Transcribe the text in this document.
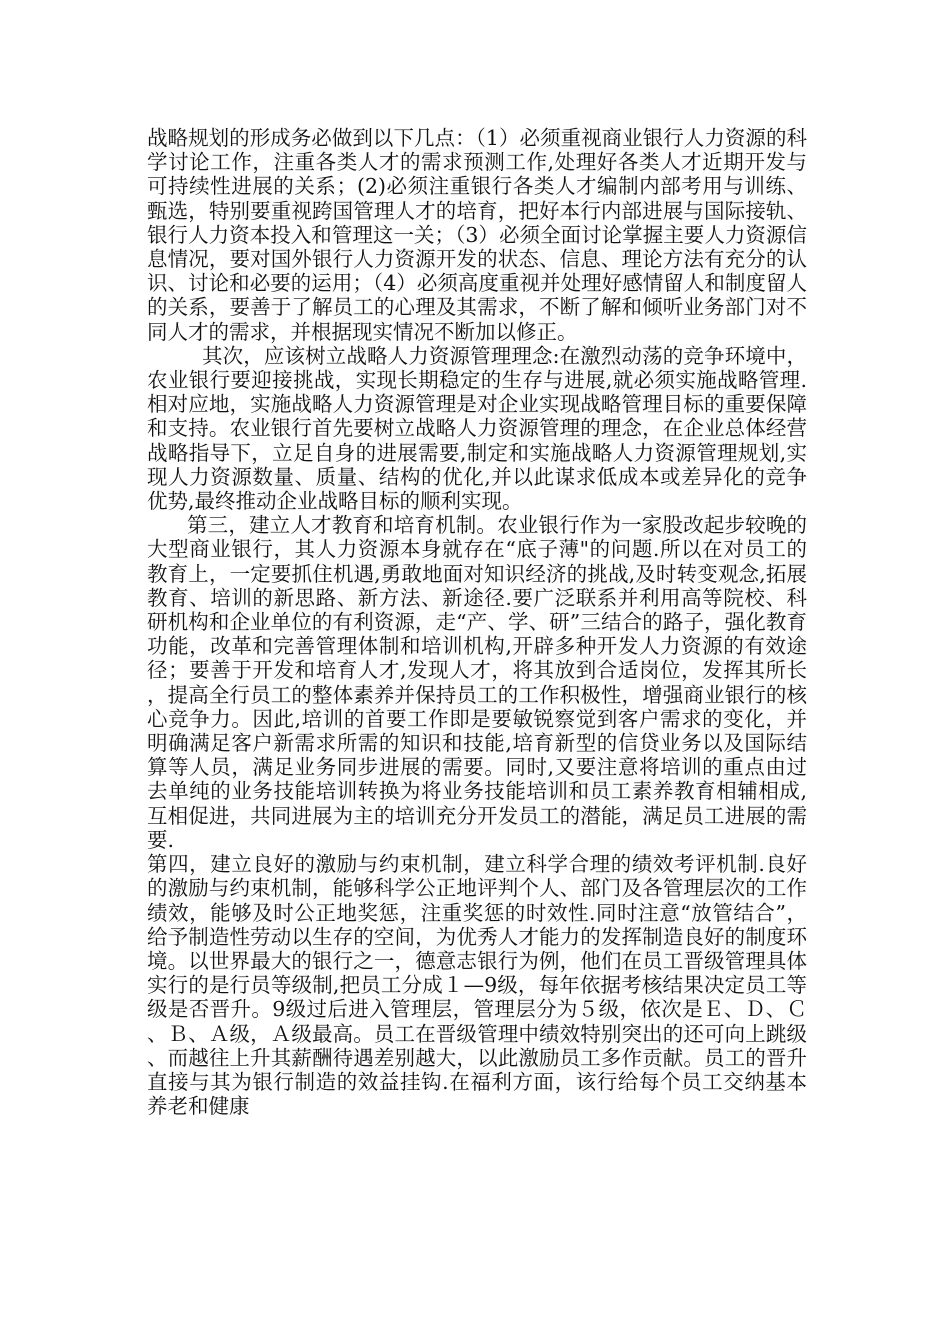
战略规划的形成务必做到以下几点：（1）必须重视商业银行人力资源的科学讨论工作，注重各类人才的需求预测工作,处理好各类人才近期开发与可持续性进展的关系；(2)必须注重银行各类人才编制内部考用与训练、甄选，特别要重视跨国管理人才的培育，把好本行内部进展与国际接轨、银行人力资本投入和管理这一关；（3）必须全面讨论掌握主要人力资源信息情况，要对国外银行人力资源开发的状态、信息、理论方法有充分的认识、讨论和必要的运用；（4）必须高度重视并处理好感情留人和制度留人的关系，要善于了解员工的心理及其需求，不断了解和倾听业务部门对不同人才的需求，并根据现实情况不断加以修正。

其次，应该树立战略人力资源管理理念:在激烈动荡的竞争环境中，农业银行要迎接挑战，实现长期稳定的生存与进展,就必须实施战略管理.相对应地，实施战略人力资源管理是对企业实现战略管理目标的重要保障和支持。农业银行首先要树立战略人力资源管理的理念，在企业总体经营战略指导下，立足自身的进展需要,制定和实施战略人力资源管理规划,实现人力资源数量、质量、结构的优化,并以此谋求低成本或差异化的竞争优势,最终推动企业战略目标的顺利实现。

第三，建立人才教育和培育机制。农业银行作为一家股改起步较晚的大型商业银行，其人力资源本身就存在“底子薄"的问题.所以在对员工的教育上，一定要抓住机遇,勇敢地面对知识经济的挑战,及时转变观念,拓展教育、培训的新思路、新方法、新途径.要广泛联系并利用高等院校、科研机构和企业单位的有利资源，走“产、学、研”三结合的路子，强化教育功能，改革和完善管理体制和培训机构,开辟多种开发人力资源的有效途径；要善于开发和培育人才,发现人才，将其放到合适岗位，发挥其所长，提高全行员工的整体素养并保持员工的工作积极性，增强商业银行的核心竞争力。因此,培训的首要工作即是要敏锐察觉到客户需求的变化，并明确满足客户新需求所需的知识和技能,培育新型的信贷业务以及国际结算等人员，满足业务同步进展的需要。同时,又要注意将培训的重点由过去单纯的业务技能培训转换为将业务技能培训和员工素养教育相辅相成,互相促进，共同进展为主的培训充分开发员工的潜能，满足员工进展的需要.

第四，建立良好的激励与约束机制，建立科学合理的绩效考评机制.良好的激励与约束机制，能够科学公正地评判个人、部门及各管理层次的工作绩效，能够及时公正地奖惩，注重奖惩的时效性.同时注意“放管结合”，给予制造性劳动以生存的空间，为优秀人才能力的发挥制造良好的制度环境。以世界最大的银行之一，德意志银行为例，他们在员工晋级管理具体实行的是行员等级制,把员工分成１—9级，每年依据考核结果决定员工等级是否晋升。9级过后进入管理层，管理层分为５级，依次是Ｅ、Ｄ、Ｃ、Ｂ、Ａ级，Ａ级最高。员工在晋级管理中绩效特别突出的还可向上跳级、而越往上升其薪酬待遇差别越大，以此激励员工多作贡献。员工的晋升直接与其为银行制造的效益挂钩.在福利方面，该行给每个员工交纳基本养老和健康
